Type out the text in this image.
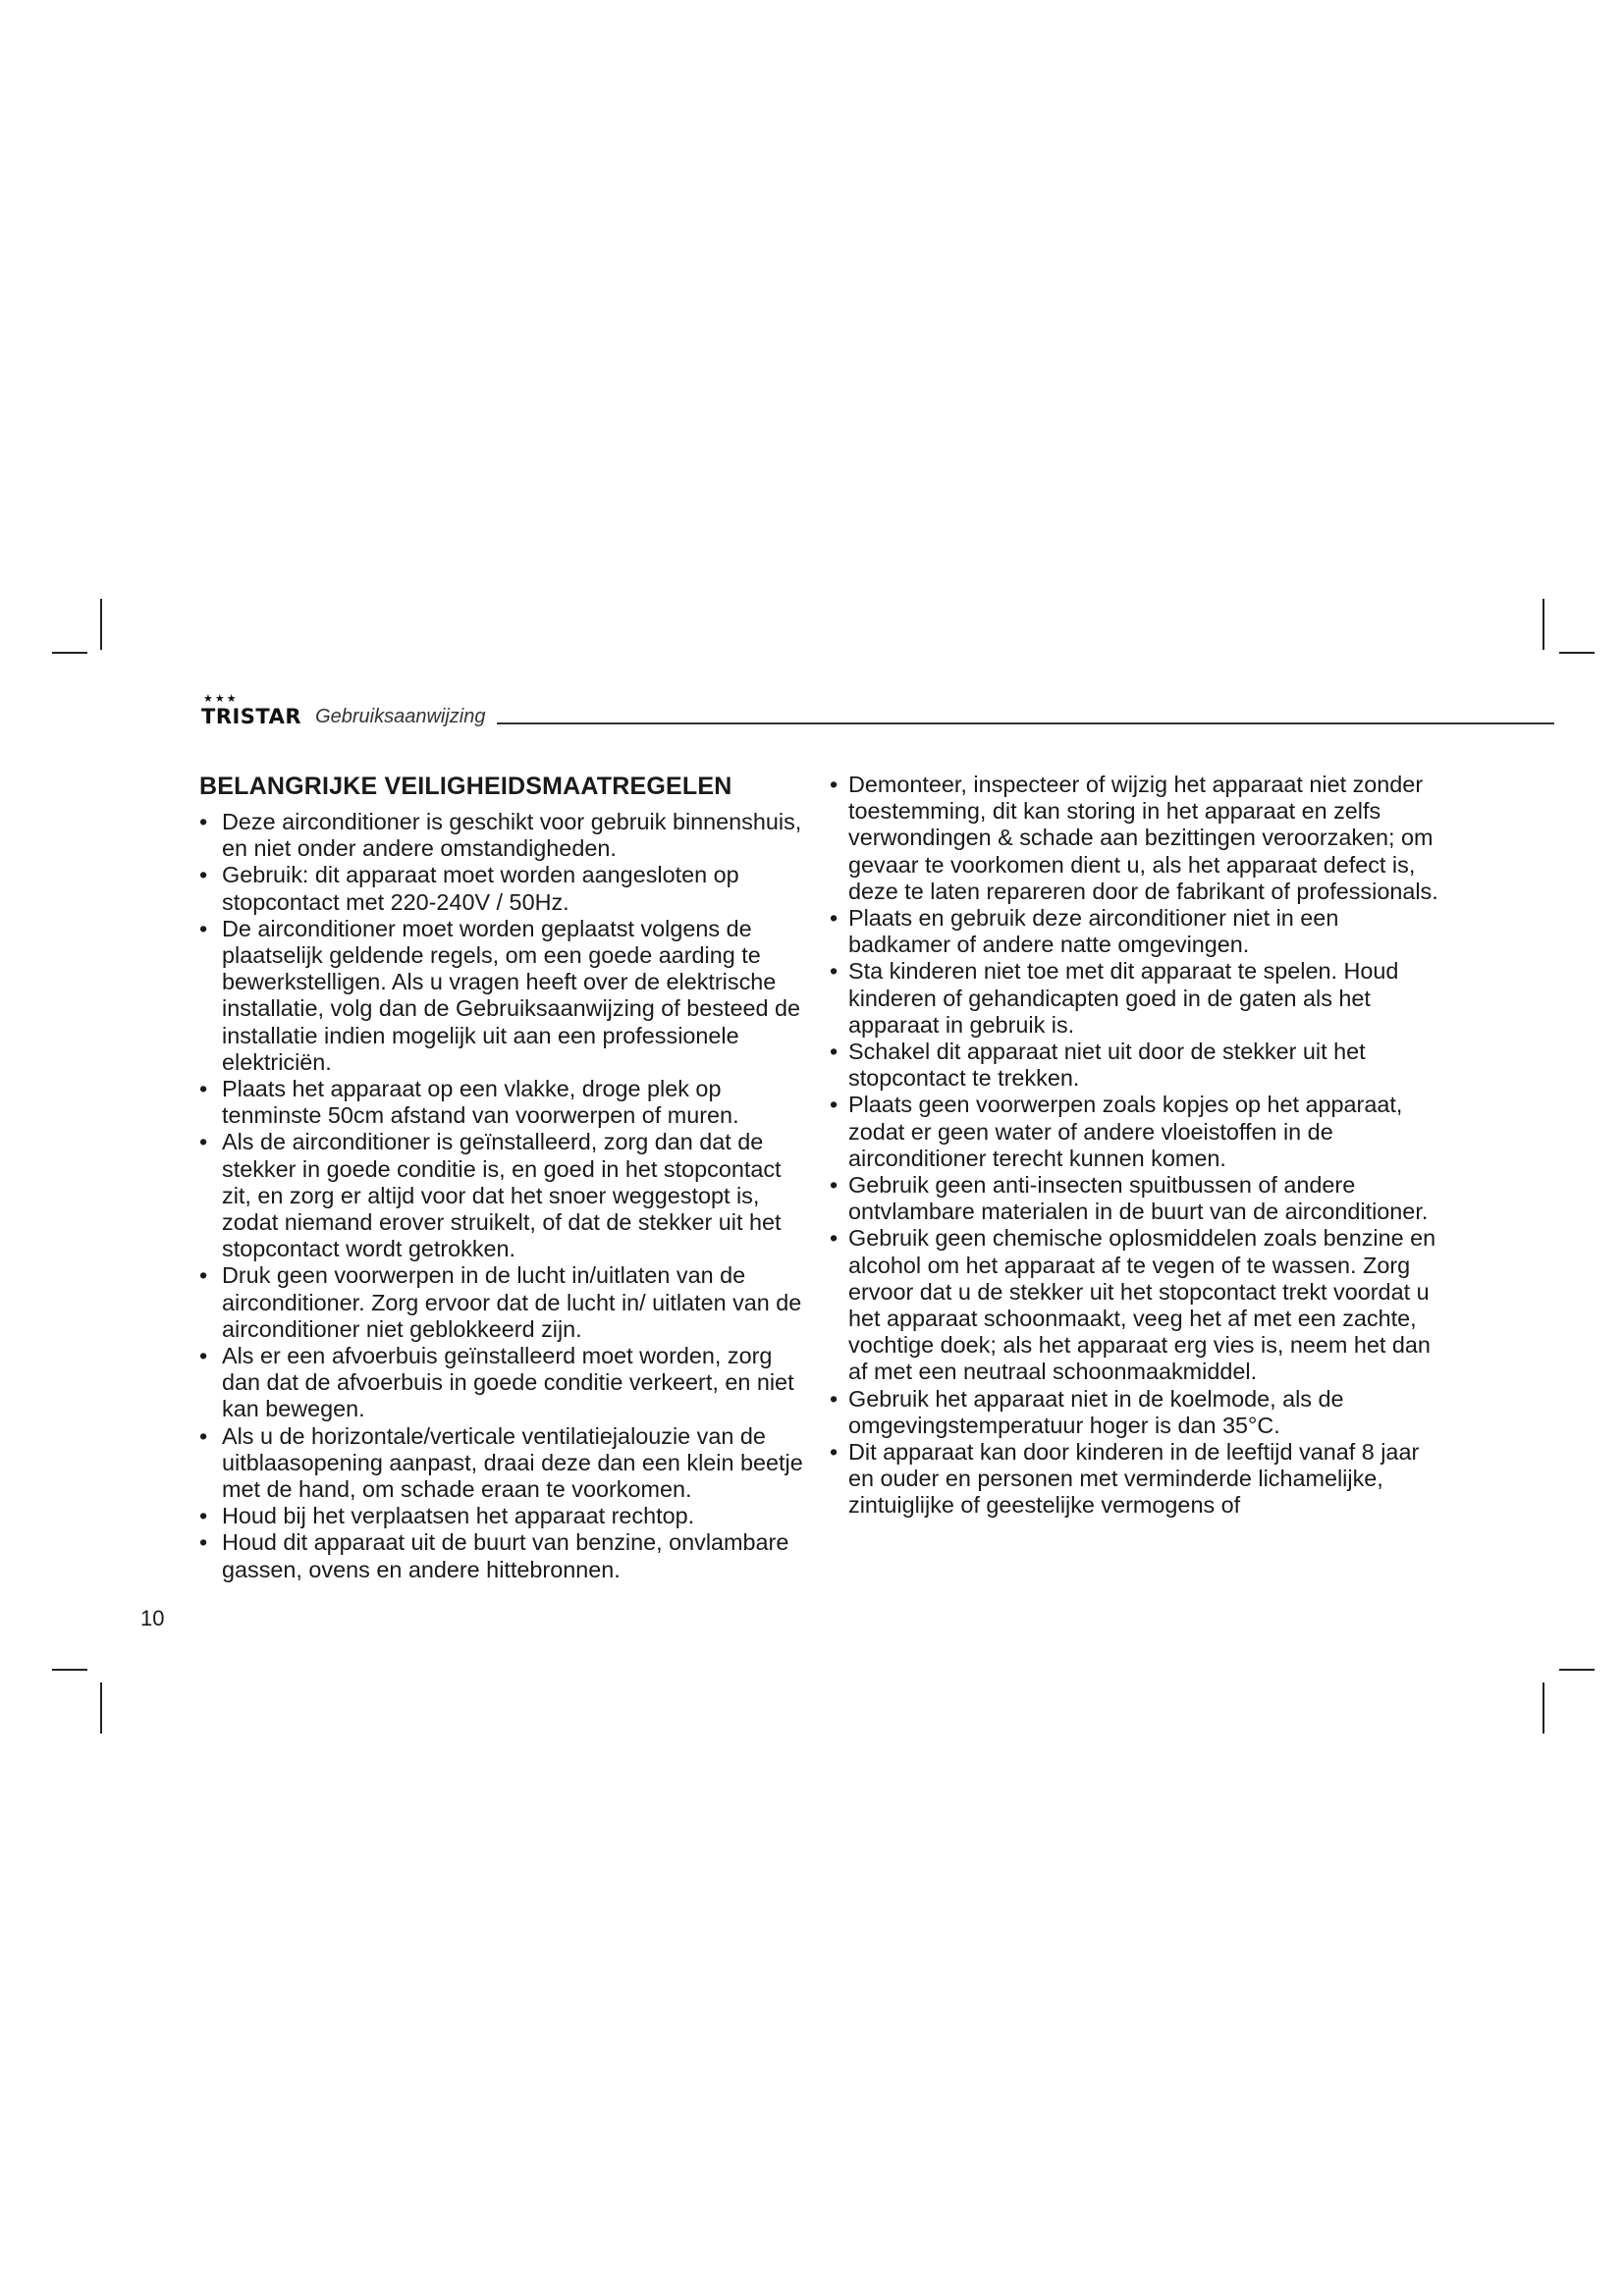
★★★
TRISTAR Gebruiksaanwijzing
BELANGRIJKE VEILIGHEIDSMAATREGELEN
• Deze airconditioner is geschikt voor gebruik binnenshuis, en niet onder andere omstandigheden.
• Gebruik: dit apparaat moet worden aangesloten op stopcontact met 220-240V / 50Hz.
• De airconditioner moet worden geplaatst volgens de plaatselijk geldende regels, om een goede aarding te bewerkstelligen. Als u vragen heeft over de elektrische installatie, volg dan de Gebruiksaanwijzing of besteed de installatie indien mogelijk uit aan een professionele elektriciën.
• Plaats het apparaat op een vlakke, droge plek op tenminste 50cm afstand van voorwerpen of muren.
• Als de airconditioner is geïnstalleerd, zorg dan dat de stekker in goede conditie is, en goed in het stopcontact zit, en zorg er altijd voor dat het snoer weggestopt is, zodat niemand erover struikelt, of dat de stekker uit het stopcontact wordt getrokken.
• Druk geen voorwerpen in de lucht in/uitlaten van de airconditioner. Zorg ervoor dat de lucht in/ uitlaten van de airconditioner niet geblokkeerd zijn.
• Als er een afvoerbuis geïnstalleerd moet worden, zorg dan dat de afvoerbuis in goede conditie verkeert, en niet kan bewegen.
• Als u de horizontale/verticale ventilatiejalouzie van de uitblaasopening aanpast, draai deze dan een klein beetje met de hand, om schade eraan te voorkomen.
• Houd bij het verplaatsen het apparaat rechtop.
• Houd dit apparaat uit de buurt van benzine, onvlambare gassen, ovens en andere hittebronnen.
• Demonteer, inspecteer of wijzig het apparaat niet zonder toestemming, dit kan storing in het apparaat en zelfs verwondingen & schade aan bezittingen veroorzaken; om gevaar te voorkomen dient u, als het apparaat defect is, deze te laten repareren door de fabrikant of professionals.
• Plaats en gebruik deze airconditioner niet in een badkamer of andere natte omgevingen.
• Sta kinderen niet toe met dit apparaat te spelen. Houd kinderen of gehandicapten goed in de gaten als het apparaat in gebruik is.
• Schakel dit apparaat niet uit door de stekker uit het stopcontact te trekken.
• Plaats geen voorwerpen zoals kopjes op het apparaat, zodat er geen water of andere vloeistoffen in de airconditioner terecht kunnen komen.
• Gebruik geen anti-insecten spuitbussen of andere ontvlambare materialen in de buurt van de airconditioner.
• Gebruik geen chemische oplosmiddelen zoals benzine en alcohol om het apparaat af te vegen of te wassen. Zorg ervoor dat u de stekker uit het stopcontact trekt voordat u het apparaat schoonmaakt, veeg het af met een zachte, vochtige doek; als het apparaat erg vies is, neem het dan af met een neutraal schoonmaakmiddel.
• Gebruik het apparaat niet in de koelmode, als de omgevingstemperatuur hoger is dan 35°C.
• Dit apparaat kan door kinderen in de leeftijd vanaf 8 jaar en ouder en personen met verminderde lichamelijke, zintuiglijke of geestelijke vermogens of
10
